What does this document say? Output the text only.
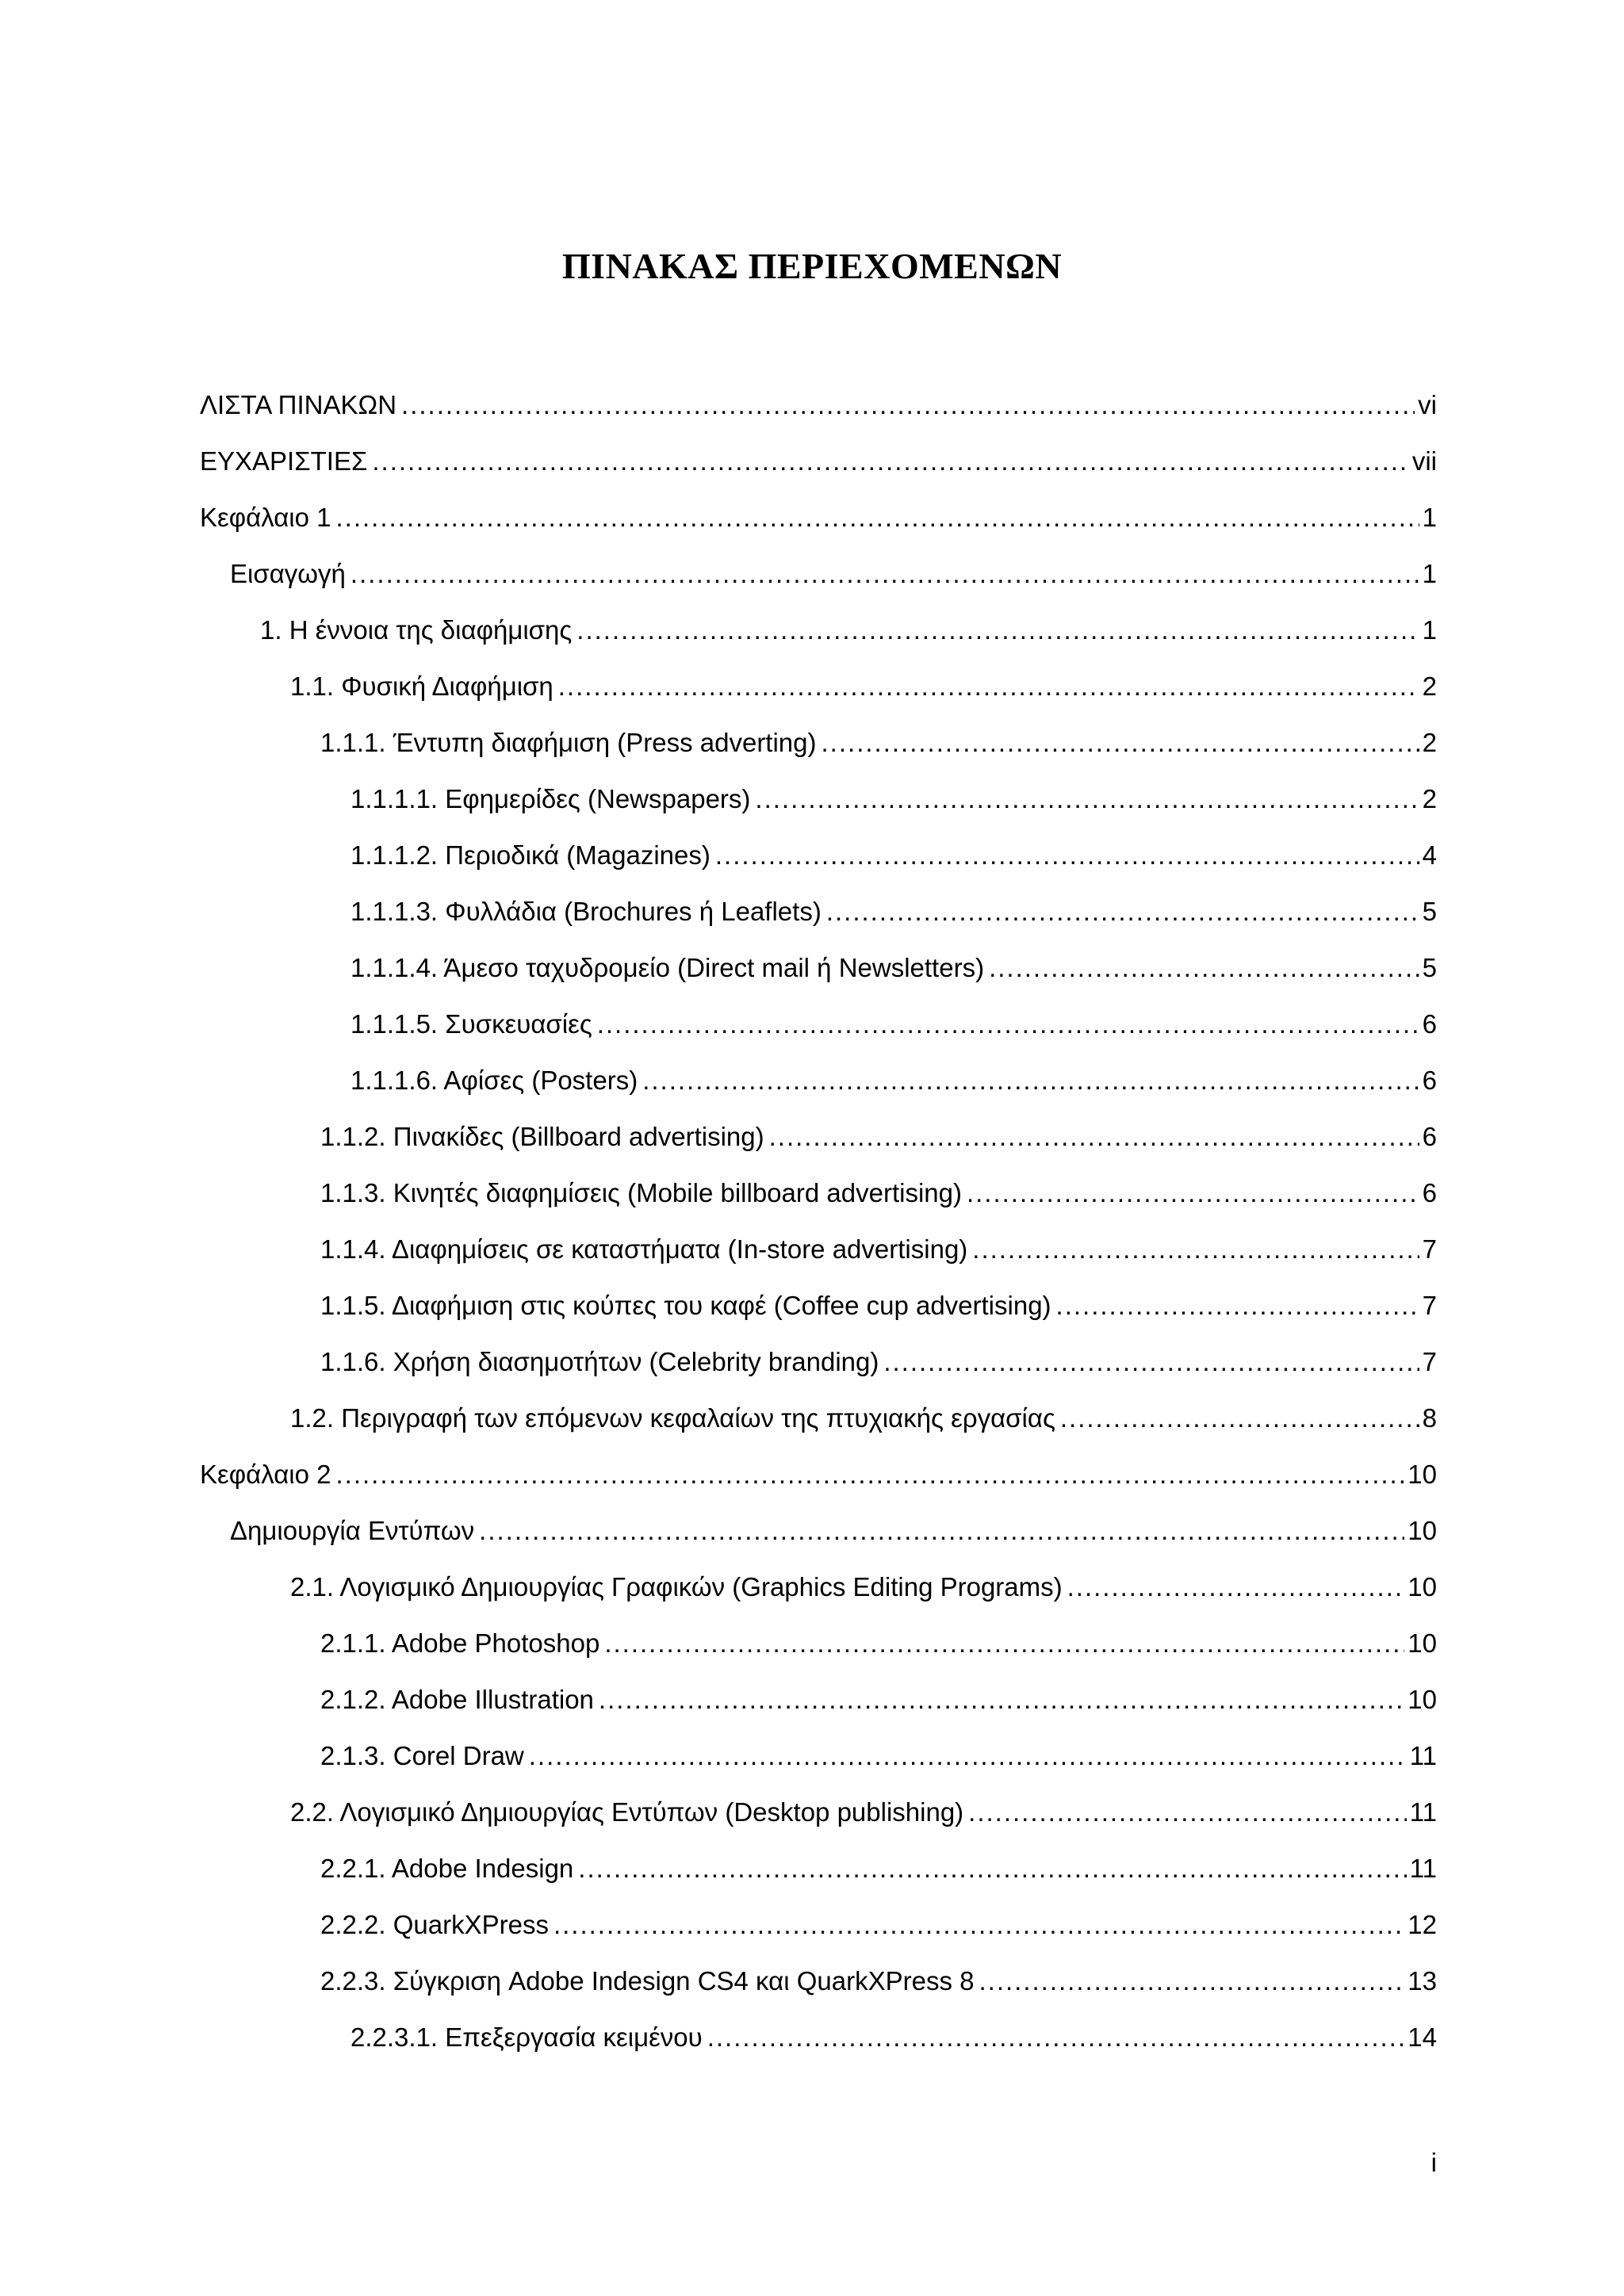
ΠΙΝΑΚΑΣ ΠΕΡΙΕΧΟΜΕΝΩΝ
ΛΙΣΤΑ ΠΙΝΑΚΩΝ .....	vi
ΕΥΧΑΡΙΣΤΙΕΣ .....	vii
Κεφάλαιο 1 .....	1
Εισαγωγή .....	1
1. Η έννοια της διαφήμισης .....	1
1.1. Φυσική Διαφήμιση .....	2
1.1.1. Έντυπη διαφήμιση (Press adverting) .....	2
1.1.1.1. Εφημερίδες (Newspapers) .....	2
1.1.1.2. Περιοδικά (Magazines) .....	4
1.1.1.3. Φυλλάδια (Brochures ή Leaflets) .....	5
1.1.1.4. Άμεσο ταχυδρομείο (Direct mail ή Newsletters) .....	5
1.1.1.5. Συσκευασίες .....	6
1.1.1.6. Αφίσες (Posters) .....	6
1.1.2. Πινακίδες (Billboard advertising) .....	6
1.1.3. Κινητές διαφημίσεις (Mobile billboard advertising) .....	6
1.1.4. Διαφημίσεις σε καταστήματα (In-store advertising) .....	7
1.1.5. Διαφήμιση στις κούπες του καφέ (Coffee cup advertising) .....	7
1.1.6. Χρήση διασημοτήτων (Celebrity branding) .....	7
1.2. Περιγραφή των επόμενων κεφαλαίων της πτυχιακής εργασίας .....	8
Κεφάλαιο 2 .....	10
Δημιουργία Εντύπων .....	10
2.1. Λογισμικό Δημιουργίας Γραφικών (Graphics Editing Programs) .....	10
2.1.1. Adobe Photoshop .....	10
2.1.2. Adobe Illustration .....	10
2.1.3. Corel Draw .....	11
2.2. Λογισμικό Δημιουργίας Εντύπων (Desktop publishing) .....	11
2.2.1. Adobe Indesign .....	11
2.2.2. QuarkXPress .....	12
2.2.3. Σύγκριση Adobe Indesign CS4 και QuarkXPress 8 .....	13
2.2.3.1. Επεξεργασία κειμένου .....	14
i
